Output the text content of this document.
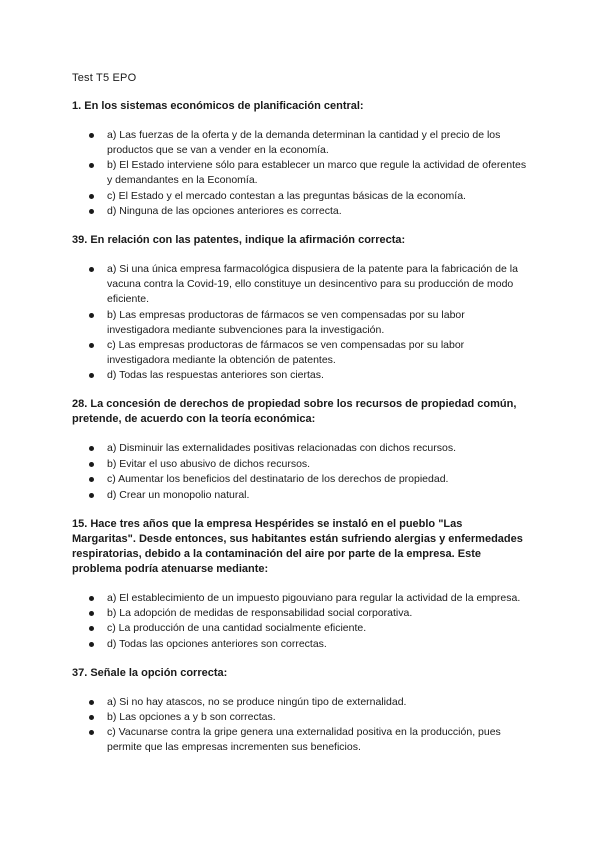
Test T5 EPO
1. En los sistemas económicos de planificación central:
a) Las fuerzas de la oferta y de la demanda determinan la cantidad y el precio de los productos que se van a vender en la economía.
b) El Estado interviene sólo para establecer un marco que regule la actividad de oferentes y demandantes en la Economía.
c) El Estado y el mercado contestan a las preguntas básicas de la economía.
d) Ninguna de las opciones anteriores es correcta.
39. En relación con las patentes, indique la afirmación correcta:
a) Si una única empresa farmacológica dispusiera de la patente para la fabricación de la vacuna contra la Covid-19, ello constituye un desincentivo para su producción de modo eficiente.
b) Las empresas productoras de fármacos se ven compensadas por su labor investigadora mediante subvenciones para la investigación.
c) Las empresas productoras de fármacos se ven compensadas por su labor investigadora mediante la obtención de patentes.
d) Todas las respuestas anteriores son ciertas.
28. La concesión de derechos de propiedad sobre los recursos de propiedad común, pretende, de acuerdo con la teoría económica:
a) Disminuir las externalidades positivas relacionadas con dichos recursos.
b) Evitar el uso abusivo de dichos recursos.
c) Aumentar los beneficios del destinatario de los derechos de propiedad.
d) Crear un monopolio natural.
15. Hace tres años que la empresa Hespérides se instaló en el pueblo "Las Margaritas". Desde entonces, sus habitantes están sufriendo alergias y enfermedades respiratorias, debido a la contaminación del aire por parte de la empresa. Este problema podría atenuarse mediante:
a) El establecimiento de un impuesto pigouviano para regular la actividad de la empresa.
b) La adopción de medidas de responsabilidad social corporativa.
c) La producción de una cantidad socialmente eficiente.
d) Todas las opciones anteriores son correctas.
37. Señale la opción correcta:
a) Si no hay atascos, no se produce ningún tipo de externalidad.
b) Las opciones a y b son correctas.
c) Vacunarse contra la gripe genera una externalidad positiva en la producción, pues permite que las empresas incrementen sus beneficios.
